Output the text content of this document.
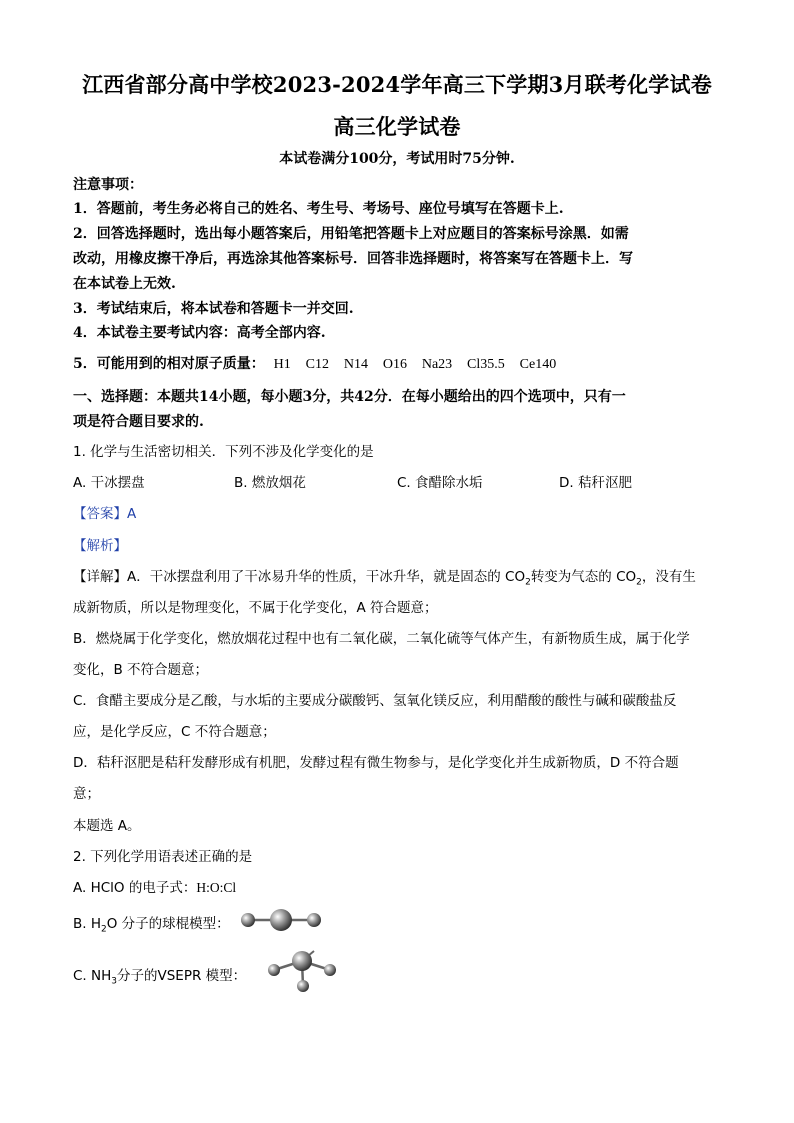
江西省部分高中学校2023-2024学年高三下学期3月联考化学试卷
高三化学试卷
本试卷满分100分，考试用时75分钟.
注意事项：
1．答题前，考生务必将自己的姓名、考生号、考场号、座位号填写在答题卡上.
2．回答选择题时，选出每小题答案后，用铅笔把答题卡上对应题目的答案标号涂黑．如需
改动，用橡皮擦干净后，再选涂其他答案标号．回答非选择题时，将答案写在答题卡上．写
在本试卷上无效.
3．考试结束后，将本试卷和答题卡一并交回.
4．本试卷主要考试内容：高考全部内容.
5．可能用到的相对原子质量： H1 C12 N14 O16 Na23 Cl35.5 Ce140
一、选择题：本题共14小题，每小题3分，共42分．在每小题给出的四个选项中，只有一
项是符合题目要求的.
1. 化学与生活密切相关．下列不涉及化学变化的是
A. 干冰摆盘	B. 燃放烟花	C. 食醋除水垢	D. 秸秆沤肥
【答案】A
【解析】
【详解】A．干冰摆盘利用了干冰易升华的性质，干冰升华，就是固态的 $CO_2$转变为气态的 $CO_2$，没有生
成新物质，所以是物理变化，不属于化学变化，A 符合题意；
B．燃烧属于化学变化，燃放烟花过程中也有二氧化碳，二氧化硫等气体产生，有新物质生成，属于化学
变化，B 不符合题意；
C．食醋主要成分是乙酸，与水垢的主要成分碳酸钙、氢氧化镁反应，利用醋酸的酸性与碱和碳酸盐反
应，是化学反应，C 不符合题意；
D．秸秆沤肥是秸秆发酵形成有机肥，发酵过程有微生物参与，是化学变化并生成新物质，D 不符合题
意；
本题选 A。
2. 下列化学用语表述正确的是
A. HClO 的电子式：H:O:Cl
B. $H_2O$ 分子的球棍模型：
C. $NH_3$分子的VSEPR 模型：
